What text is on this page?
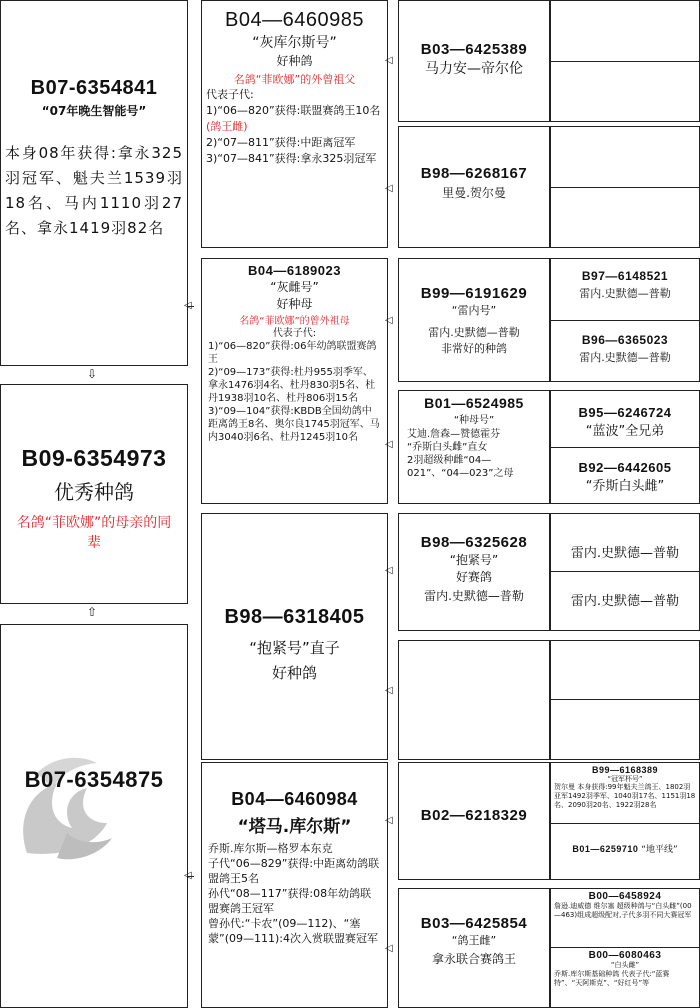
B07-6354841
“07年晚生智能号”
本身08年获得:拿永325羽冠军、魁夫兰1539羽18名、马内1110羽27名、拿永1419羽82名
B09-6354973
优秀种鸽
名鸽“菲欧娜”的母亲的同辈
B07-6354875
◁
◁
⇩
⇧
B04—6460985
“灰库尔斯号”
好种鸽
名鸽“菲欧娜”的外曾祖父
代表子代:
1)“06—820”获得:联盟赛鸽王10名(鸽王雌)
2)“07—811”获得:中距离冠军
3)“07—841”获得:拿永325羽冠军
B04—6189023
“灰雌号”
好种母
名鸽“菲欧娜”的曾外祖母
代表子代:
1)“06—820”获得:06年幼鸽联盟赛鸽王
2)“09—173”获得:杜丹955羽季军、拿永1476羽4名、杜丹830羽5名、杜丹1938羽10名、杜丹806羽15名
3)“09—104”获得:KBDB全国幼鸽中距离鸽王8名、奥尔良1745羽冠军、马内3040羽6名、杜丹1245羽10名
B98—6318405
“抱紧号”直子
好种鸽
B04—6460984
“塔马.库尔斯”
乔斯.库尔斯—格罗本东克
子代“06—829”获得:中距离幼鸽联盟鸽王5名
孙代“08—117”获得:08年幼鸽联盟赛鸽王冠军
曾孙代:“卡农”(09—112)、“塞蒙”(09—111):4次入赏联盟赛冠军
◁
◁
◁
◁
◁
◁
◁
◁
B03—6425389
马力安—帝尔伦
B98—6268167
里曼.贺尔曼
B99—6191629
“雷内号”
雷内.史默德—普勒
非常好的种鸽
B01—6524985
“种母号”
艾迪.詹森—赞德霍芬
“乔斯白头雌”直女
2羽超级种雌“04—021”、“04—023”之母
B98—6325628
“抱紧号”
好赛鸽
雷内.史默德—普勒
B02—6218329
B03—6425854
“鸽王雌”
拿永联合赛鸽王
B97—6148521
雷内.史默德—普勒
B96—6365023
雷内.史默德—普勒
B95—6246724
“蓝波”全兄弟
B92—6442605
“乔斯白头雌”
雷内.史默德—普勒
雷内.史默德—普勒
B99—6168389
“冠军杯号”
贺尔曼 本身获得:99年魁夫兰鸽王、1802羽亚军1492羽季军、1040羽17名、1151羽18名、2090羽20名、1922羽28名
B01—6259710 “地平线”
B00—6458924
詹逊.迪威德 维尔塞 超级种鸽与“白头雌”(00—463)组成超级配对,子代多羽不同大赛冠军
B00—6080463
“白头雌”
乔斯.库尔斯基础种鸽 代表子代:“蓝赛特”、“天阿斯克”、“好红号”等
